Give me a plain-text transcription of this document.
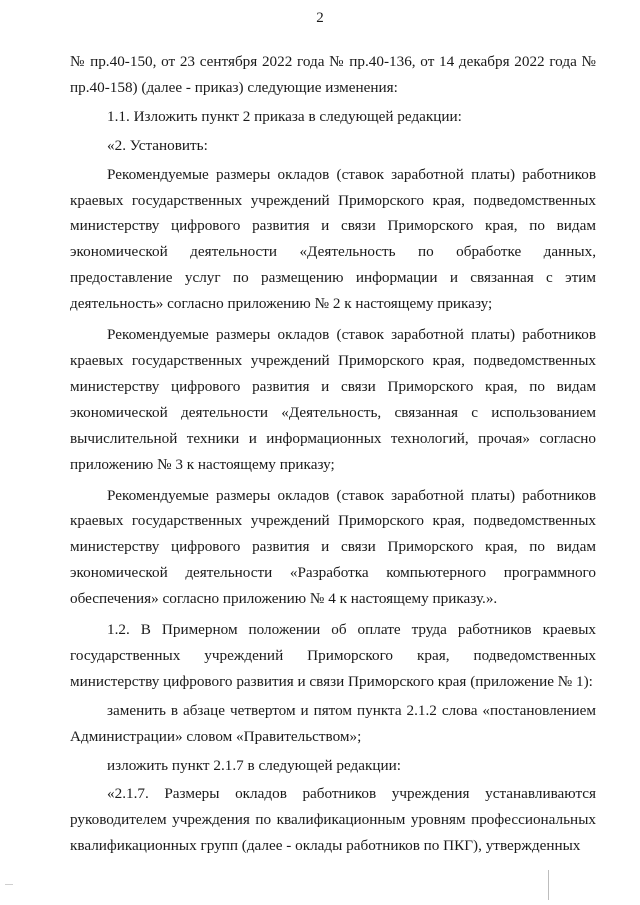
2

№ пр.40-150, от 23 сентября 2022 года № пр.40-136, от 14 декабря 2022 года № пр.40-158) (далее - приказ) следующие изменения:

1.1. Изложить пункт 2 приказа в следующей редакции:

«2. Установить:

Рекомендуемые размеры окладов (ставок заработной платы) работников краевых государственных учреждений Приморского края, подведомственных министерству цифрового развития и связи Приморского края, по видам экономической деятельности «Деятельность по обработке данных, предоставление услуг по размещению информации и связанная с этим деятельность» согласно приложению № 2 к настоящему приказу;

Рекомендуемые размеры окладов (ставок заработной платы) работников краевых государственных учреждений Приморского края, подведомственных министерству цифрового развития и связи Приморского края, по видам экономической деятельности «Деятельность, связанная с использованием вычислительной техники и информационных технологий, прочая» согласно приложению № 3 к настоящему приказу;

Рекомендуемые размеры окладов (ставок заработной платы) работников краевых государственных учреждений Приморского края, подведомственных министерству цифрового развития и связи Приморского края, по видам экономической деятельности «Разработка компьютерного программного обеспечения» согласно приложению № 4 к настоящему приказу.».

1.2. В Примерном положении об оплате труда работников краевых государственных учреждений Приморского края, подведомственных министерству цифрового развития и связи Приморского края (приложение № 1):

заменить в абзаце четвертом и пятом пункта 2.1.2 слова «постановлением Администрации» словом «Правительством»;

изложить пункт 2.1.7 в следующей редакции:

«2.1.7. Размеры окладов работников учреждения устанавливаются руководителем учреждения по квалификационным уровням профессиональных квалификационных групп (далее - оклады работников по ПКГ), утвержденных
